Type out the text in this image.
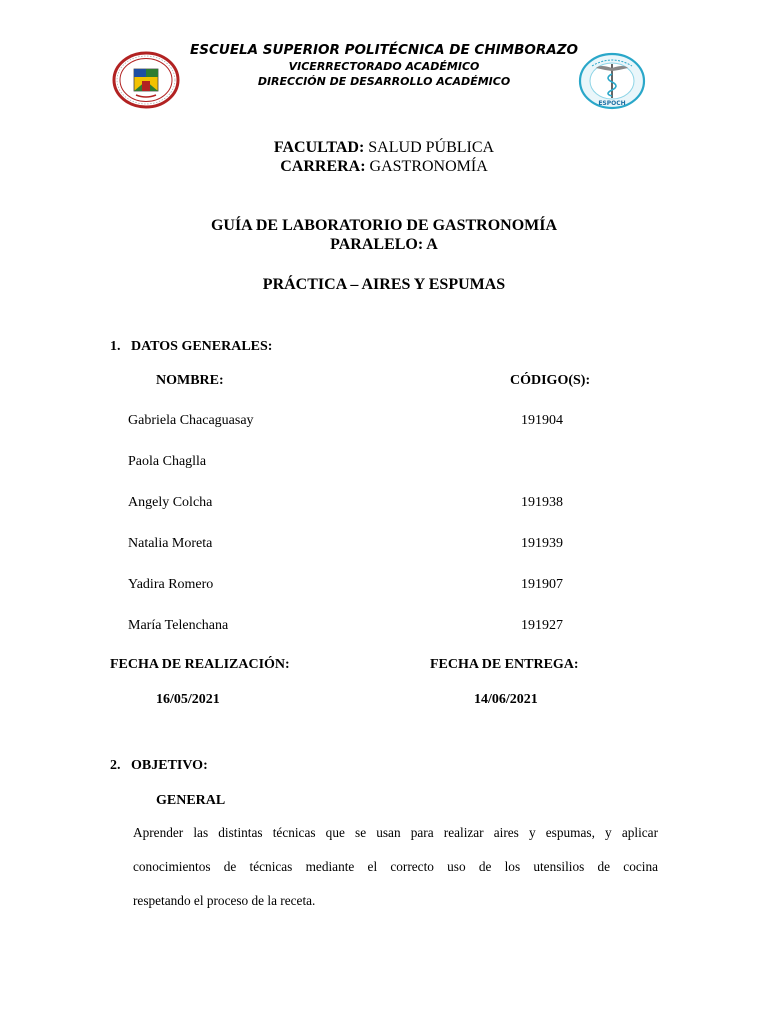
ESCUELA SUPERIOR POLITÉCNICA DE CHIMBORAZO
VICERRECTORADO ACADÉMICO
DIRECCIÓN DE DESARROLLO ACADÉMICO
ESPOCH
FACULTAD: SALUD PÚBLICA
CARRERA: GASTRONOMÍA
GUÍA DE LABORATORIO DE GASTRONOMÍA
PARALELO: A
PRÁCTICA – AIRES Y ESPUMAS
1.   DATOS GENERALES:
NOMBRE:	CÓDIGO(S):
Gabriela Chacaguasay	191904
Paola Chaglla
Angely Colcha	191938
Natalia Moreta	191939
Yadira Romero	191907
María Telenchana	191927
FECHA DE REALIZACIÓN:	FECHA DE ENTREGA:
16/05/2021	14/06/2021
2.   OBJETIVO:
GENERAL
Aprender las distintas técnicas que se usan para realizar aires y espumas, y aplicar
conocimientos de técnicas mediante el correcto uso de los utensilios de cocina
respetando el proceso de la receta.
